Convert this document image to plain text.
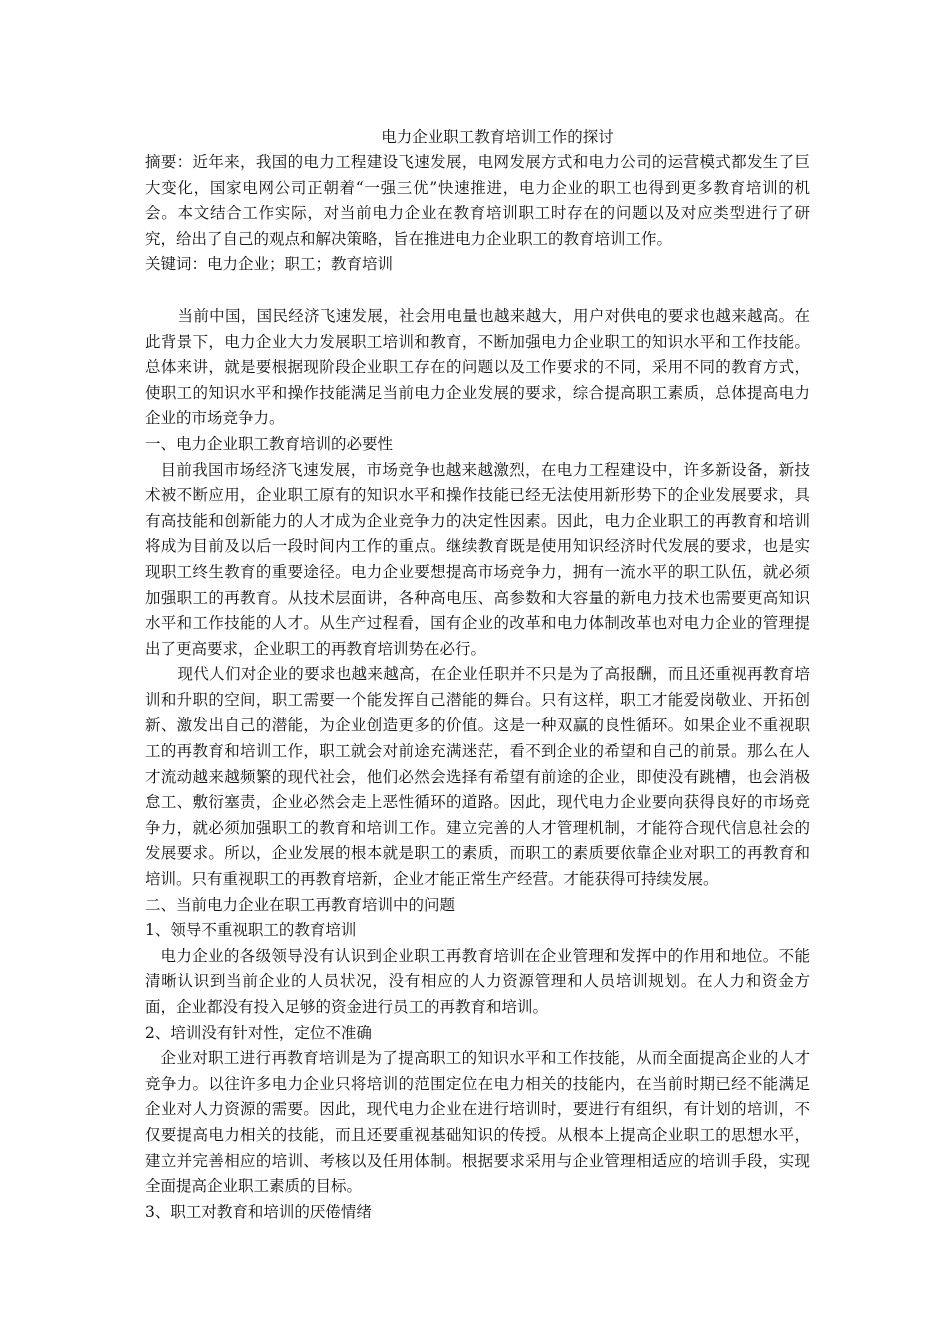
电力企业职工教育培训工作的探讨

摘要：近年来，我国的电力工程建设飞速发展，电网发展方式和电力公司的运营模式都发生了巨大变化，国家电网公司正朝着“一强三优”快速推进，电力企业的职工也得到更多教育培训的机会。本文结合工作实际，对当前电力企业在教育培训职工时存在的问题以及对应类型进行了研究，给出了自己的观点和解决策略，旨在推进电力企业职工的教育培训工作。

关键词：电力企业；职工；教育培训

当前中国，国民经济飞速发展，社会用电量也越来越大，用户对供电的要求也越来越高。在此背景下，电力企业大力发展职工培训和教育，不断加强电力企业职工的知识水平和工作技能。总体来讲，就是要根据现阶段企业职工存在的问题以及工作要求的不同，采用不同的教育方式，使职工的知识水平和操作技能满足当前电力企业发展的要求，综合提高职工素质，总体提高电力企业的市场竞争力。

一、电力企业职工教育培训的必要性

目前我国市场经济飞速发展，市场竞争也越来越激烈，在电力工程建设中，许多新设备，新技术被不断应用，企业职工原有的知识水平和操作技能已经无法使用新形势下的企业发展要求，具有高技能和创新能力的人才成为企业竞争力的决定性因素。因此，电力企业职工的再教育和培训将成为目前及以后一段时间内工作的重点。继续教育既是使用知识经济时代发展的要求，也是实现职工终生教育的重要途径。电力企业要想提高市场竞争力，拥有一流水平的职工队伍，就必须加强职工的再教育。从技术层面讲，各种高电压、高参数和大容量的新电力技术也需要更高知识水平和工作技能的人才。从生产过程看，国有企业的改革和电力体制改革也对电力企业的管理提出了更高要求，企业职工的再教育培训势在必行。

现代人们对企业的要求也越来越高，在企业任职并不只是为了高报酬，而且还重视再教育培训和升职的空间，职工需要一个能发挥自己潜能的舞台。只有这样，职工才能爱岗敬业、开拓创新、激发出自己的潜能，为企业创造更多的价值。这是一种双赢的良性循环。如果企业不重视职工的再教育和培训工作，职工就会对前途充满迷茫，看不到企业的希望和自己的前景。那么在人才流动越来越频繁的现代社会，他们必然会选择有希望有前途的企业，即使没有跳槽，也会消极怠工、敷衍塞责，企业必然会走上恶性循环的道路。因此，现代电力企业要向获得良好的市场竞争力，就必须加强职工的教育和培训工作。建立完善的人才管理机制，才能符合现代信息社会的发展要求。所以，企业发展的根本就是职工的素质，而职工的素质要依靠企业对职工的再教育和培训。只有重视职工的再教育培新，企业才能正常生产经营。才能获得可持续发展。

二、当前电力企业在职工再教育培训中的问题

1、领导不重视职工的教育培训

电力企业的各级领导没有认识到企业职工再教育培训在企业管理和发挥中的作用和地位。不能清晰认识到当前企业的人员状况，没有相应的人力资源管理和人员培训规划。在人力和资金方面，企业都没有投入足够的资金进行员工的再教育和培训。

2、培训没有针对性，定位不准确

企业对职工进行再教育培训是为了提高职工的知识水平和工作技能，从而全面提高企业的人才竞争力。以往许多电力企业只将培训的范围定位在电力相关的技能内，在当前时期已经不能满足企业对人力资源的需要。因此，现代电力企业在进行培训时，要进行有组织，有计划的培训，不仅要提高电力相关的技能，而且还要重视基础知识的传授。从根本上提高企业职工的思想水平，建立并完善相应的培训、考核以及任用体制。根据要求采用与企业管理相适应的培训手段，实现全面提高企业职工素质的目标。

3、职工对教育和培训的厌倦情绪
